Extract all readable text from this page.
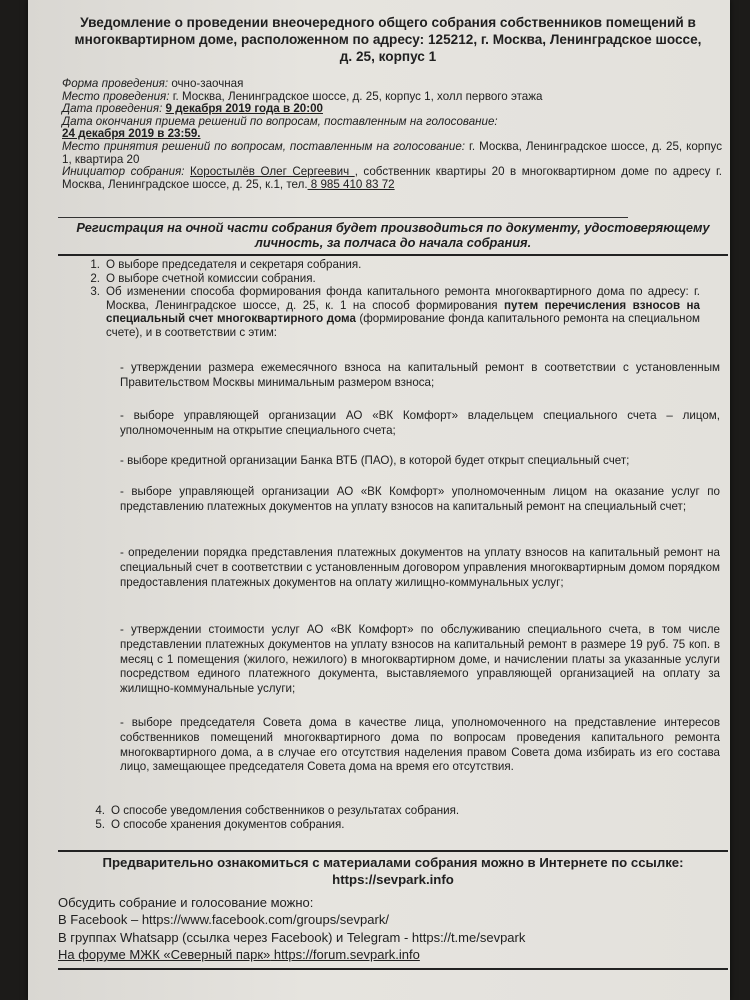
Уведомление о проведении внеочередного общего собрания собственников помещений в многоквартирном доме, расположенном по адресу: 125212, г. Москва, Ленинградское шоссе, д. 25, корпус 1

Форма проведения: очно-заочная

Место проведения: г. Москва, Ленинградское шоссе, д. 25, корпус 1, холл первого этажа

Дата проведения: 9 декабря 2019 года в 20:00

Дата окончания приема решений по вопросам, поставленным на голосование:

24 декабря 2019 в 23:59.

Место принятия решений по вопросам, поставленным на голосование: г. Москва, Ленинградское шоссе, д. 25, корпус 1, квартира 20

Инициатор собрания: Коростылёв Олег Сергеевич , собственник квартиры 20 в многоквартирном доме по адресу г. Москва, Ленинградское шоссе, д. 25, к.1, тел. 8 985 410 83 72

Регистрация на очной части собрания будет производиться по документу, удостоверяющему личность, за полчаса до начала собрания.
1. О выборе председателя и секретаря собрания.
2. О выборе счетной комиссии собрания.
3. Об изменении способа формирования фонда капитального ремонта многоквартирного дома по адресу: г. Москва, Ленинградское шоссе, д. 25, к. 1 на способ формирования путем перечисления взносов на специальный счет многоквартирного дома (формирование фонда капитального ремонта на специальном счете), и в соответствии с этим:
- утверждении размера ежемесячного взноса на капитальный ремонт в соответствии с установленным Правительством Москвы минимальным размером взноса;
- выборе управляющей организации АО «ВК Комфорт» владельцем специального счета – лицом, уполномоченным на открытие специального счета;
- выборе кредитной организации Банка ВТБ (ПАО), в которой будет открыт специальный счет;
- выборе управляющей организации АО «ВК Комфорт» уполномоченным лицом на оказание услуг по представлению платежных документов на уплату взносов на капитальный ремонт на специальный счет;
- определении порядка представления платежных документов на уплату взносов на капитальный ремонт на специальный счет в соответствии с установленным договором управления многоквартирным домом порядком предоставления платежных документов на оплату жилищно-коммунальных услуг;
- утверждении стоимости услуг АО «ВК Комфорт» по обслуживанию специального счета, в том числе представлении платежных документов на уплату взносов на капитальный ремонт в размере 19 руб. 75 коп. в месяц с 1 помещения (жилого, нежилого) в многоквартирном доме, и начислении платы за указанные услуги посредством единого платежного документа, выставляемого управляющей организацией на оплату за жилищно-коммунальные услуги;
- выборе председателя Совета дома в качестве лица, уполномоченного на представление интересов собственников помещений многоквартирного дома по вопросам проведения капитального ремонта многоквартирного дома, а в случае его отсутствия наделения правом Совета дома избирать из его состава лицо, замещающее председателя Совета дома на время его отсутствия.
4. О способе уведомления собственников о результатах собрания.
5. О способе хранения документов собрания.
Предварительно ознакомиться с материалами собрания можно в Интернете по ссылке:
https://sevpark.info
Обсудить собрание и голосование можно:
В Facebook – https://www.facebook.com/groups/sevpark/
В группах Whatsapp (ссылка через Facebook) и Telegram - https://t.me/sevpark
На форуме МЖК «Северный парк» https://forum.sevpark.info
